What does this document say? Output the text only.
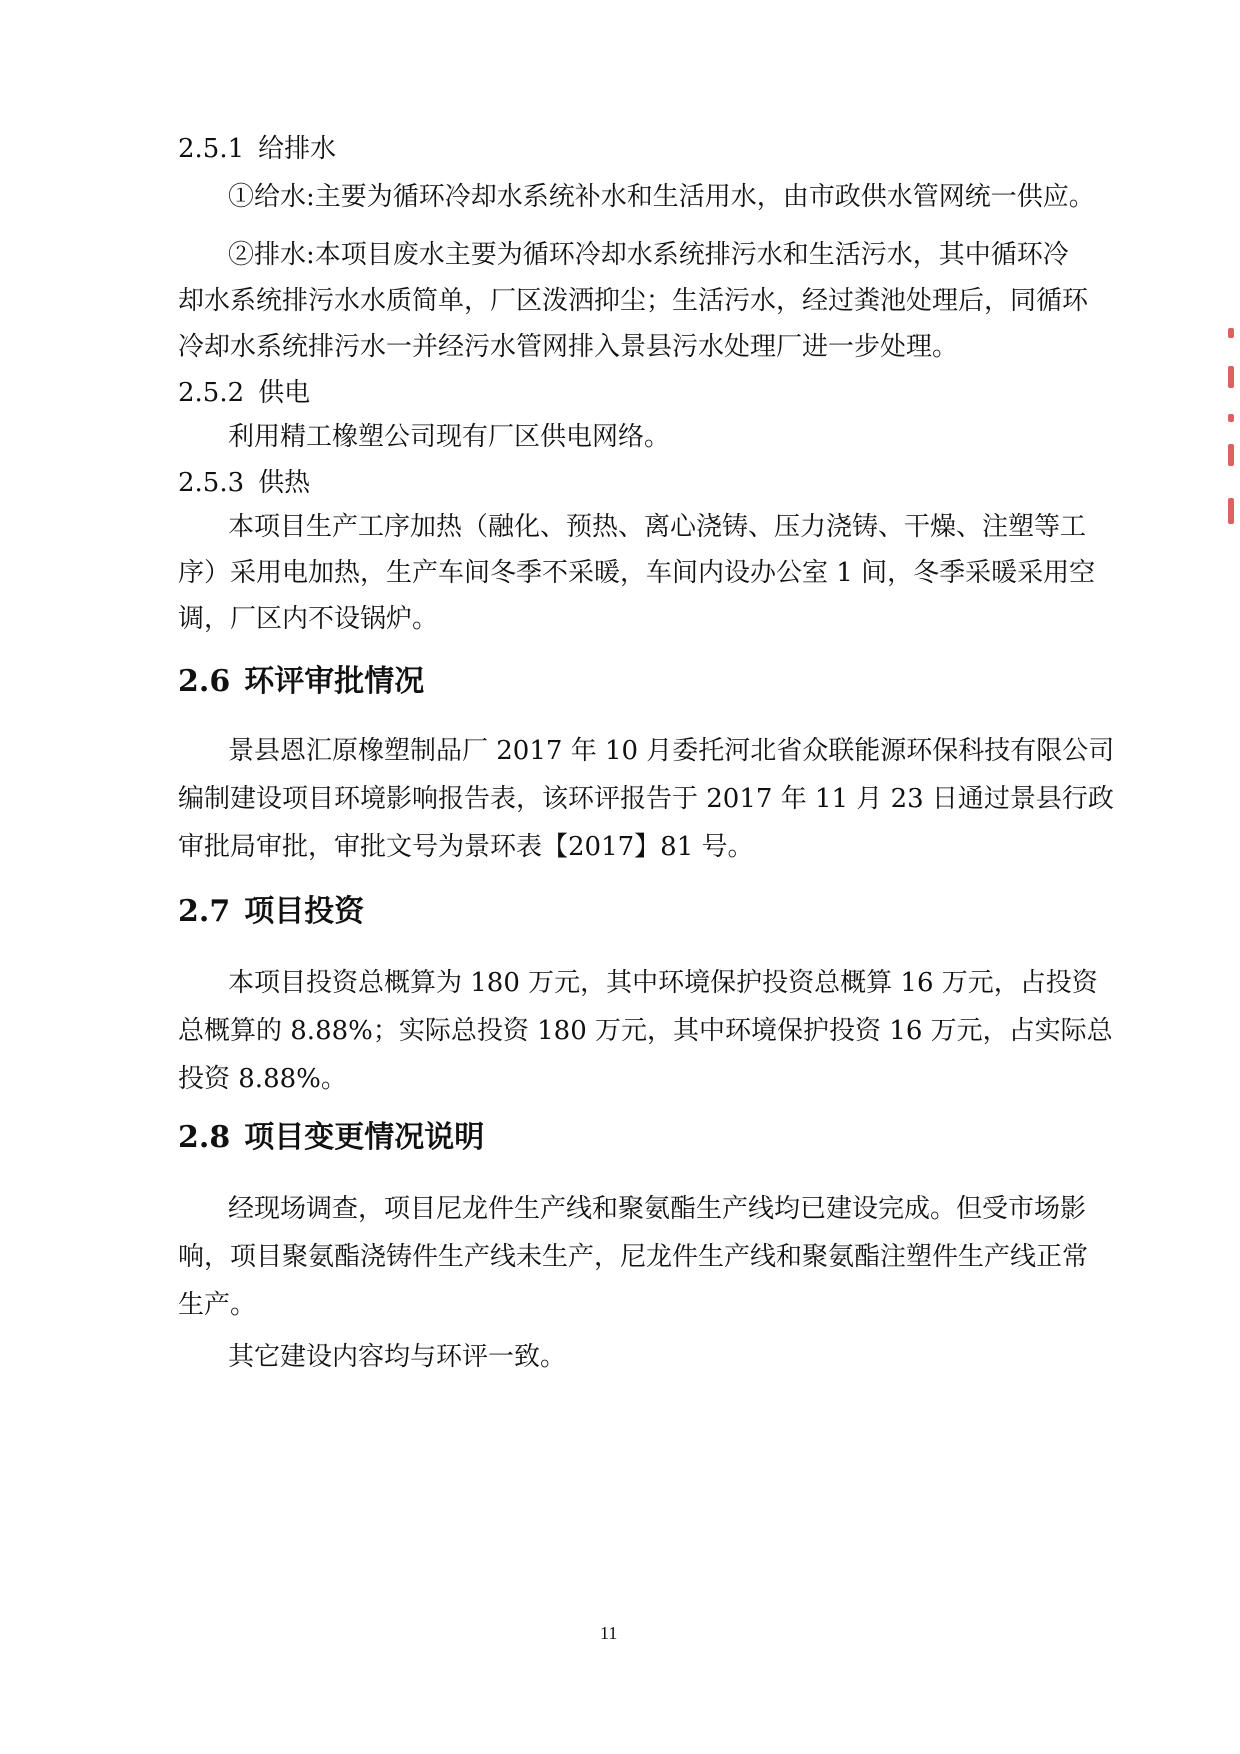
2.5.1 给排水
①给水:主要为循环冷却水系统补水和生活用水，由市政供水管网统一供应。
②排水:本项目废水主要为循环冷却水系统排污水和生活污水，其中循环冷
却水系统排污水水质简单，厂区泼洒抑尘；生活污水，经过粪池处理后，同循环
冷却水系统排污水一并经污水管网排入景县污水处理厂进一步处理。
2.5.2 供电
利用精工橡塑公司现有厂区供电网络。
2.5.3 供热
本项目生产工序加热（融化、预热、离心浇铸、压力浇铸、干燥、注塑等工
序）采用电加热，生产车间冬季不采暖，车间内设办公室 1 间，冬季采暖采用空
调，厂区内不设锅炉。
2.6 环评审批情况
景县恩汇原橡塑制品厂 2017 年 10 月委托河北省众联能源环保科技有限公司
编制建设项目环境影响报告表，该环评报告于 2017 年 11 月 23 日通过景县行政
审批局审批，审批文号为景环表【2017】81 号。
2.7 项目投资
本项目投资总概算为 180 万元，其中环境保护投资总概算 16 万元，占投资
总概算的 8.88%；实际总投资 180 万元，其中环境保护投资 16 万元，占实际总
投资 8.88%。
2.8 项目变更情况说明
经现场调查，项目尼龙件生产线和聚氨酯生产线均已建设完成。但受市场影
响，项目聚氨酯浇铸件生产线未生产，尼龙件生产线和聚氨酯注塑件生产线正常
生产。
其它建设内容均与环评一致。
11
